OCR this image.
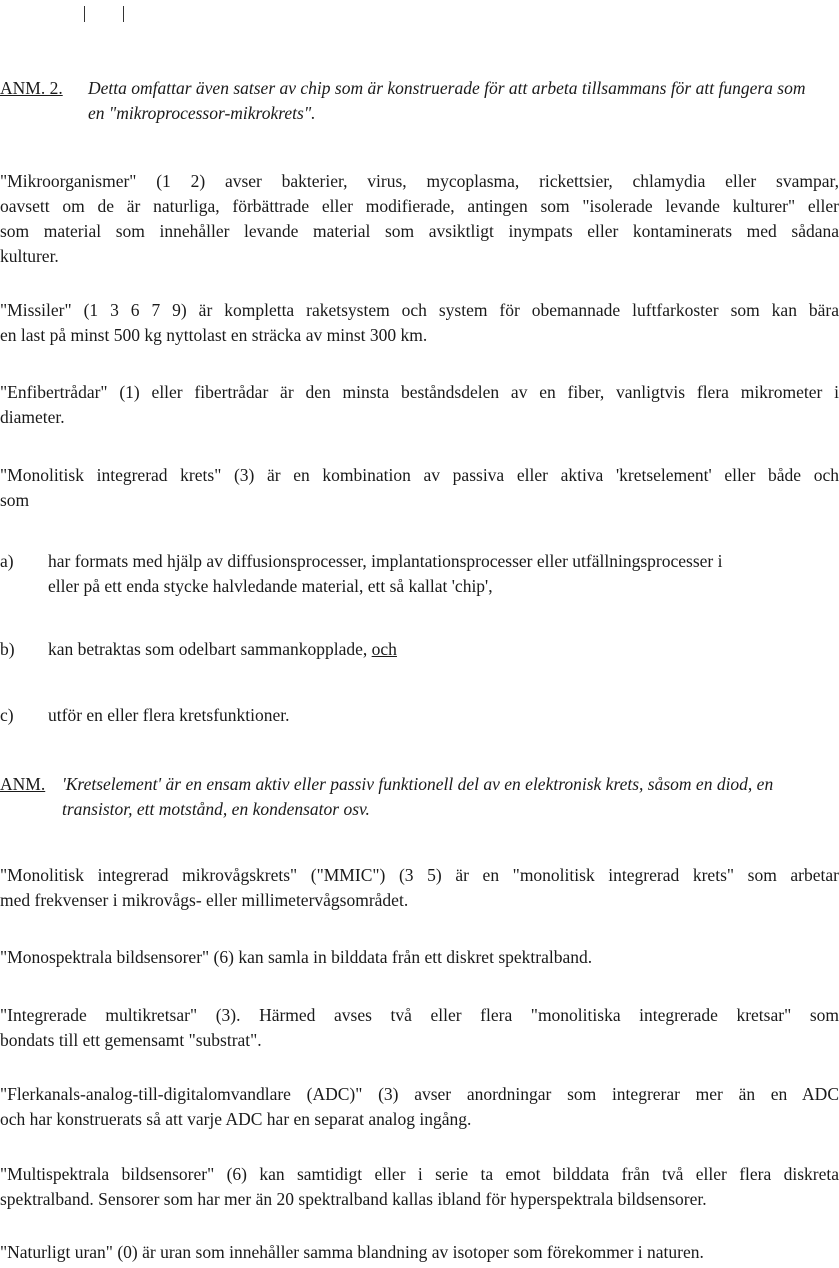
ANM. 2. Detta omfattar även satser av chip som är konstruerade för att arbeta tillsammans för att fungera som
en "mikroprocessor-mikrokrets".
"Mikroorganismer" (1 2) avser bakterier, virus, mycoplasma, rickettsier, chlamydia eller svampar,
oavsett om de är naturliga, förbättrade eller modifierade, antingen som "isolerade levande kulturer" eller
som material som innehåller levande material som avsiktligt inympats eller kontaminerats med sådana
kulturer.
"Missiler" (1 3 6 7 9) är kompletta raketsystem och system för obemannade luftfarkoster som kan bära
en last på minst 500 kg nyttolast en sträcka av minst 300 km.
"Enfibertrådar" (1) eller fibertrådar är den minsta beståndsdelen av en fiber, vanligtvis flera mikrometer i
diameter.
"Monolitisk integrerad krets" (3) är en kombination av passiva eller aktiva 'kretselement' eller både och
som
a) har formats med hjälp av diffusionsprocesser, implantationsprocesser eller utfällningsprocesser i
eller på ett enda stycke halvledande material, ett så kallat 'chip',
b) kan betraktas som odelbart sammankopplade, och
c) utför en eller flera kretsfunktioner.
ANM. 'Kretselement' är en ensam aktiv eller passiv funktionell del av en elektronisk krets, såsom en diod, en
transistor, ett motstånd, en kondensator osv.
"Monolitisk integrerad mikrovågskrets" ("MMIC") (3 5) är en "monolitisk integrerad krets" som arbetar
med frekvenser i mikrovågs- eller millimetervågsområdet.
"Monospektrala bildsensorer" (6) kan samla in bilddata från ett diskret spektralband.
"Integrerade multikretsar" (3). Härmed avses två eller flera "monolitiska integrerade kretsar" som
bondats till ett gemensamt "substrat".
"Flerkanals-analog-till-digitalomvandlare (ADC)" (3) avser anordningar som integrerar mer än en ADC
och har konstruerats så att varje ADC har en separat analog ingång.
"Multispektrala bildsensorer" (6) kan samtidigt eller i serie ta emot bilddata från två eller flera diskreta
spektralband. Sensorer som har mer än 20 spektralband kallas ibland för hyperspektrala bildsensorer.
"Naturligt uran" (0) är uran som innehåller samma blandning av isotoper som förekommer i naturen.
